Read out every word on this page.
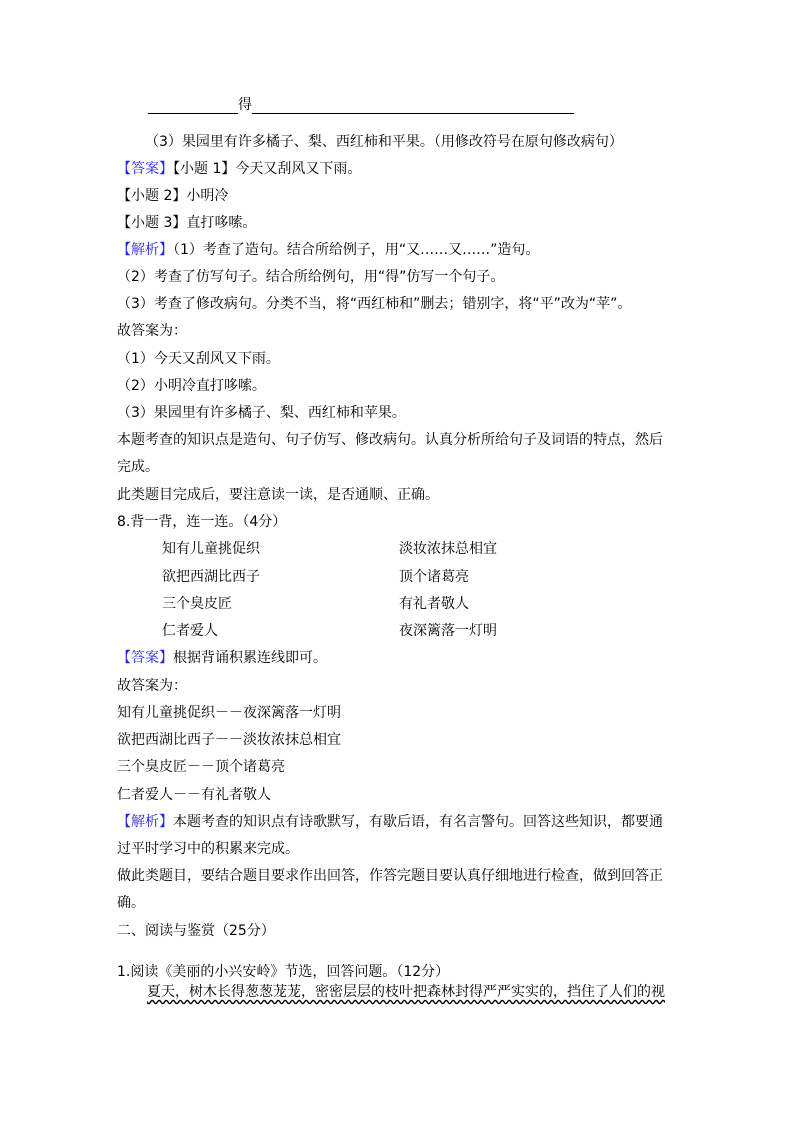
得
（3）果园里有许多橘子、梨、西红柿和平果。（用修改符号在原句修改病句）
【答案】【小题 1】今天又刮风又下雨。
【小题 2】小明冷
【小题 3】直打哆嗦。
【解析】（1）考查了造句。结合所给例子，用“又……又……”造句。
（2）考查了仿写句子。结合所给例句，用“得”仿写一个句子。
（3）考查了修改病句。分类不当，将“西红柿和”删去；错别字，将“平”改为“苹”。
故答案为：
（1）今天又刮风又下雨。
（2）小明冷直打哆嗦。
（3）果园里有许多橘子、梨、西红柿和苹果。
本题考查的知识点是造句、句子仿写、修改病句。认真分析所给句子及词语的特点，然后
完成。
此类题目完成后，要注意读一读，是否通顺、正确。
8.背一背，连一连。（4分）
知有儿童挑促织	淡妆浓抹总相宜
欲把西湖比西子	顶个诸葛亮
三个臭皮匠	有礼者敬人
仁者爱人	夜深篱落一灯明
【答案】根据背诵积累连线即可。
故答案为：
知有儿童挑促织－－夜深篱落一灯明
欲把西湖比西子－－淡妆浓抹总相宜
三个臭皮匠－－顶个诸葛亮
仁者爱人－－有礼者敬人
【解析】本题考查的知识点有诗歌默写，有歇后语，有名言警句。回答这些知识，都要通
过平时学习中的积累来完成。
做此类题目，要结合题目要求作出回答，作答完题目要认真仔细地进行检查，做到回答正
确。
二、阅读与鉴赏（25分）
1.阅读《美丽的小兴安岭》节选，回答问题。（12分）
夏天，树木长得葱葱茏茏，密密层层的枝叶把森林封得严严实实的，挡住了人们的视
